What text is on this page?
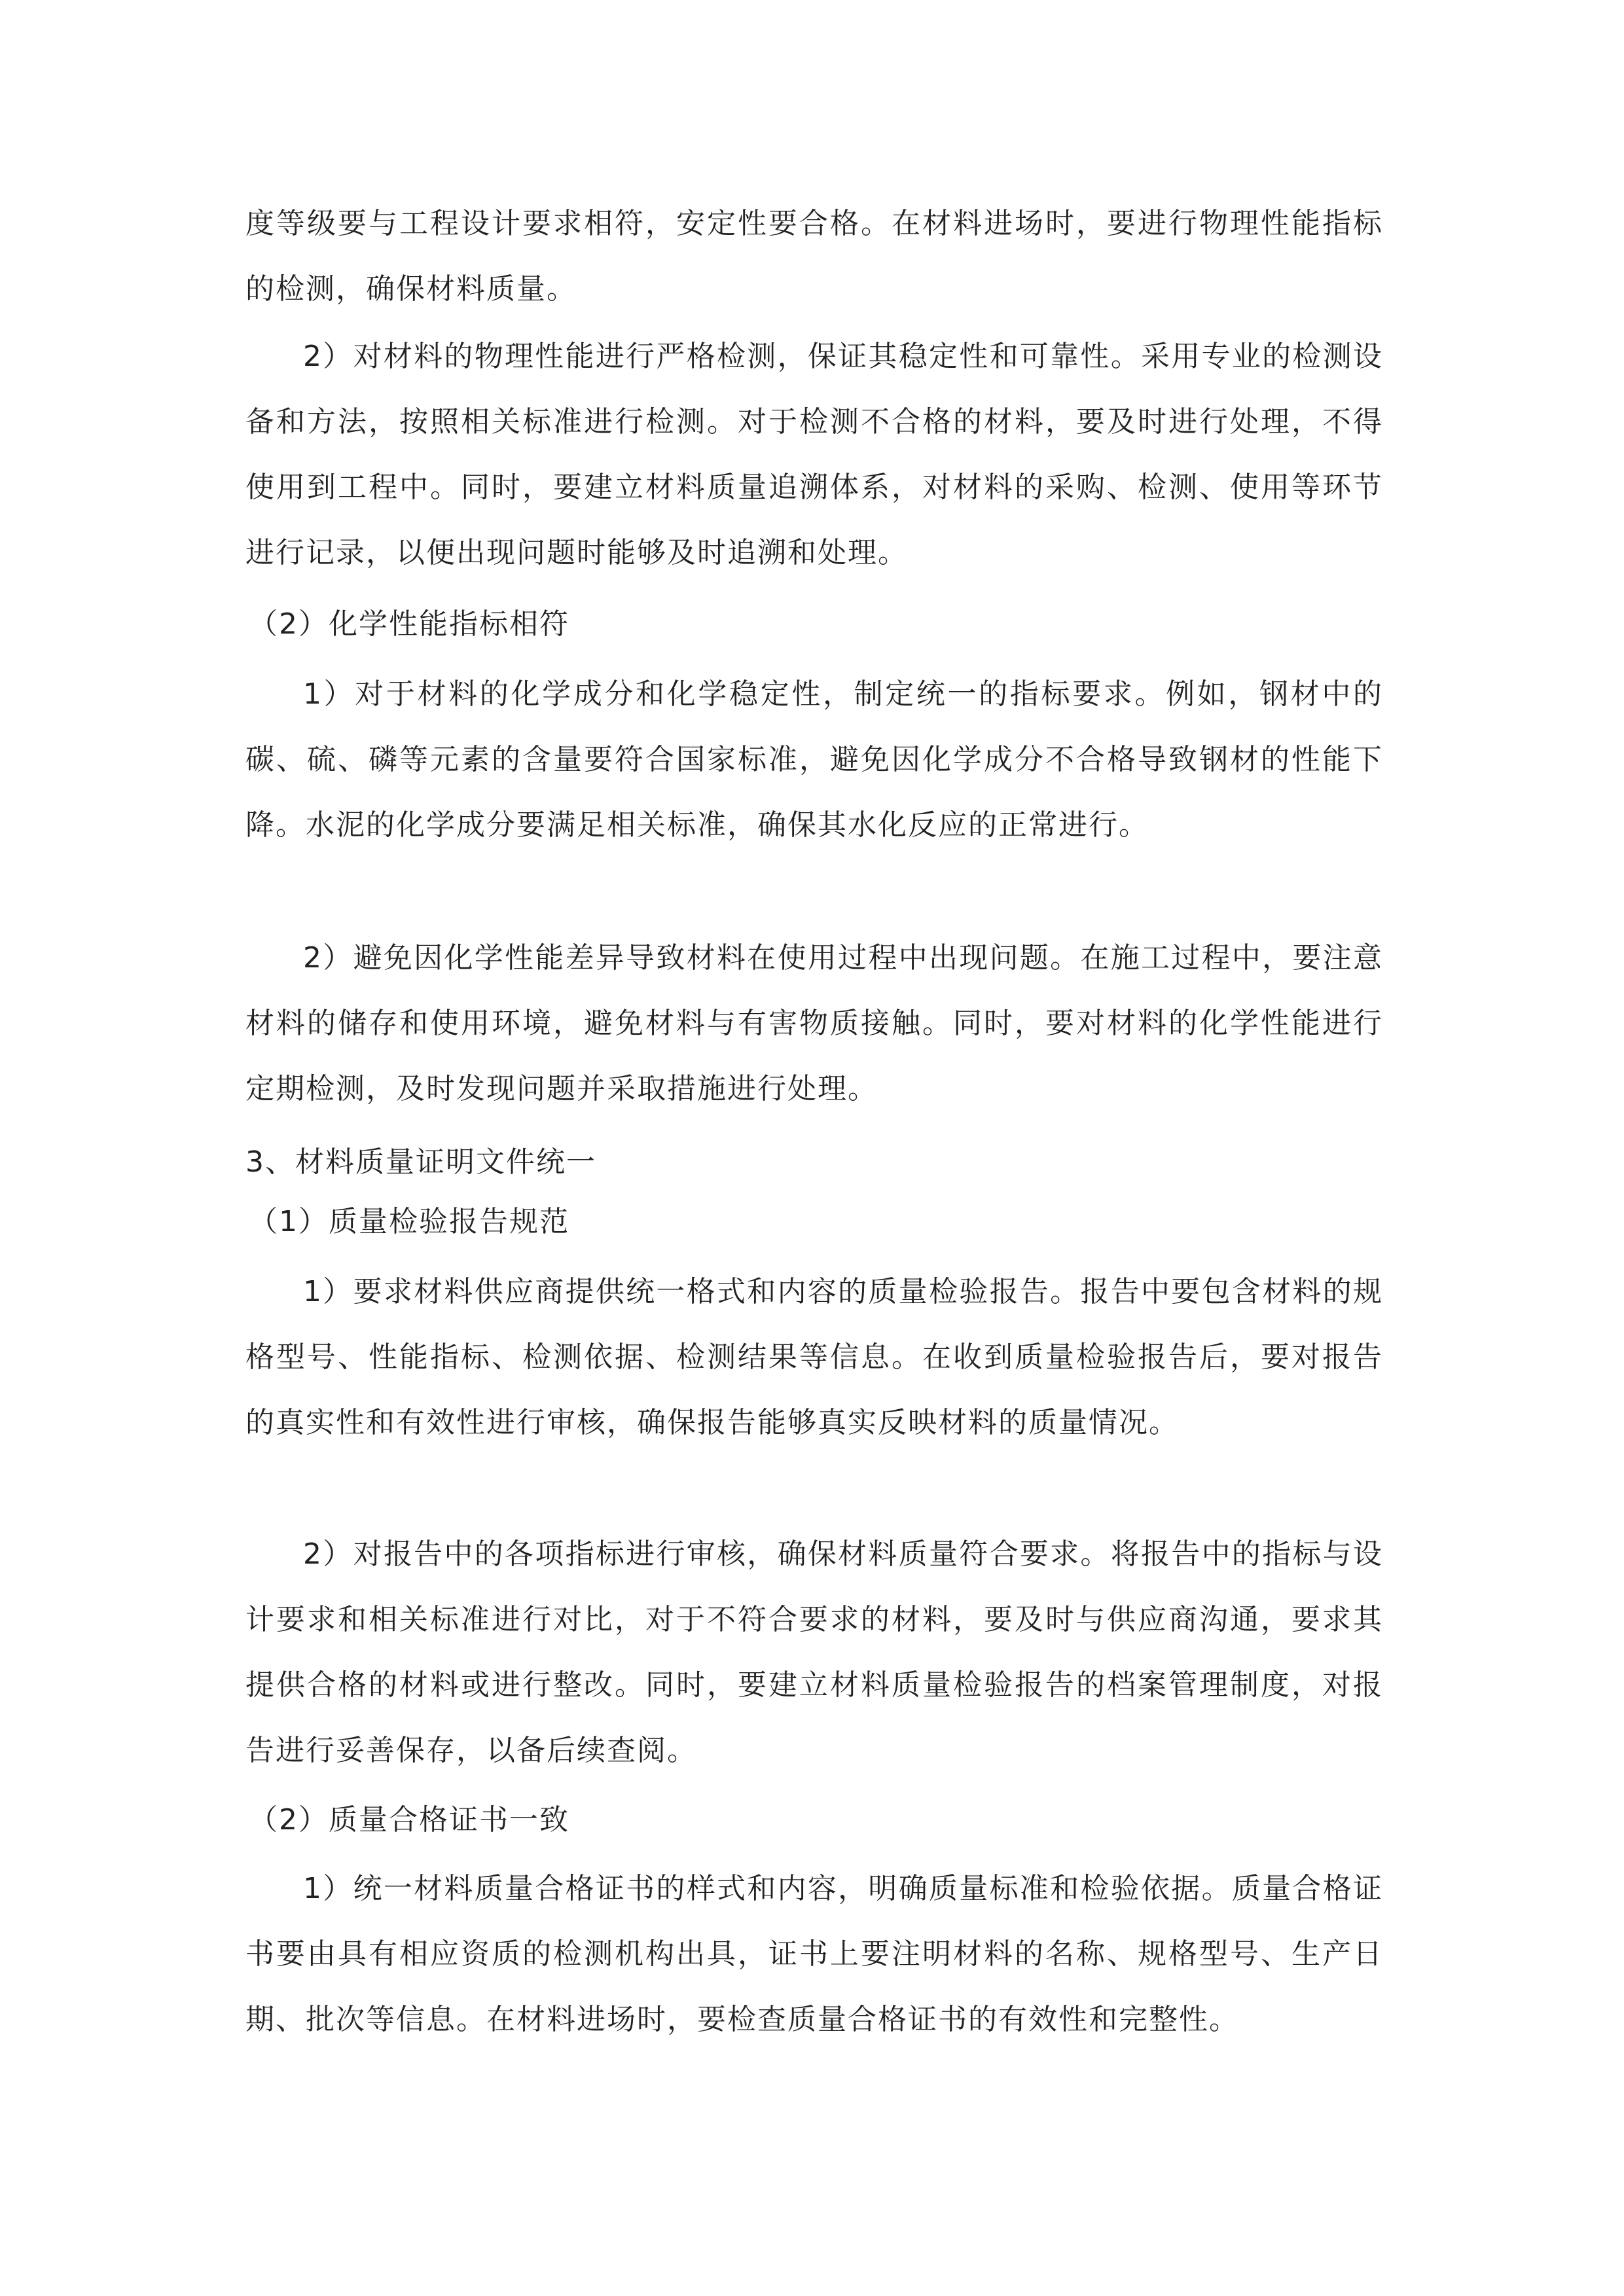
度等级要与工程设计要求相符，安定性要合格。在材料进场时，要进行物理性能指标的检测，确保材料质量。

2）对材料的物理性能进行严格检测，保证其稳定性和可靠性。采用专业的检测设备和方法，按照相关标准进行检测。对于检测不合格的材料，要及时进行处理，不得使用到工程中。同时，要建立材料质量追溯体系，对材料的采购、检测、使用等环节进行记录，以便出现问题时能够及时追溯和处理。

（2）化学性能指标相符

1）对于材料的化学成分和化学稳定性，制定统一的指标要求。例如，钢材中的碳、硫、磷等元素的含量要符合国家标准，避免因化学成分不合格导致钢材的性能下降。水泥的化学成分要满足相关标准，确保其水化反应的正常进行。

2）避免因化学性能差异导致材料在使用过程中出现问题。在施工过程中，要注意材料的储存和使用环境，避免材料与有害物质接触。同时，要对材料的化学性能进行定期检测，及时发现问题并采取措施进行处理。

3、材料质量证明文件统一

（1）质量检验报告规范

1）要求材料供应商提供统一格式和内容的质量检验报告。报告中要包含材料的规格型号、性能指标、检测依据、检测结果等信息。在收到质量检验报告后，要对报告的真实性和有效性进行审核，确保报告能够真实反映材料的质量情况。

2）对报告中的各项指标进行审核，确保材料质量符合要求。将报告中的指标与设计要求和相关标准进行对比，对于不符合要求的材料，要及时与供应商沟通，要求其提供合格的材料或进行整改。同时，要建立材料质量检验报告的档案管理制度，对报告进行妥善保存，以备后续查阅。

（2）质量合格证书一致

1）统一材料质量合格证书的样式和内容，明确质量标准和检验依据。质量合格证书要由具有相应资质的检测机构出具，证书上要注明材料的名称、规格型号、生产日期、批次等信息。在材料进场时，要检查质量合格证书的有效性和完整性。
